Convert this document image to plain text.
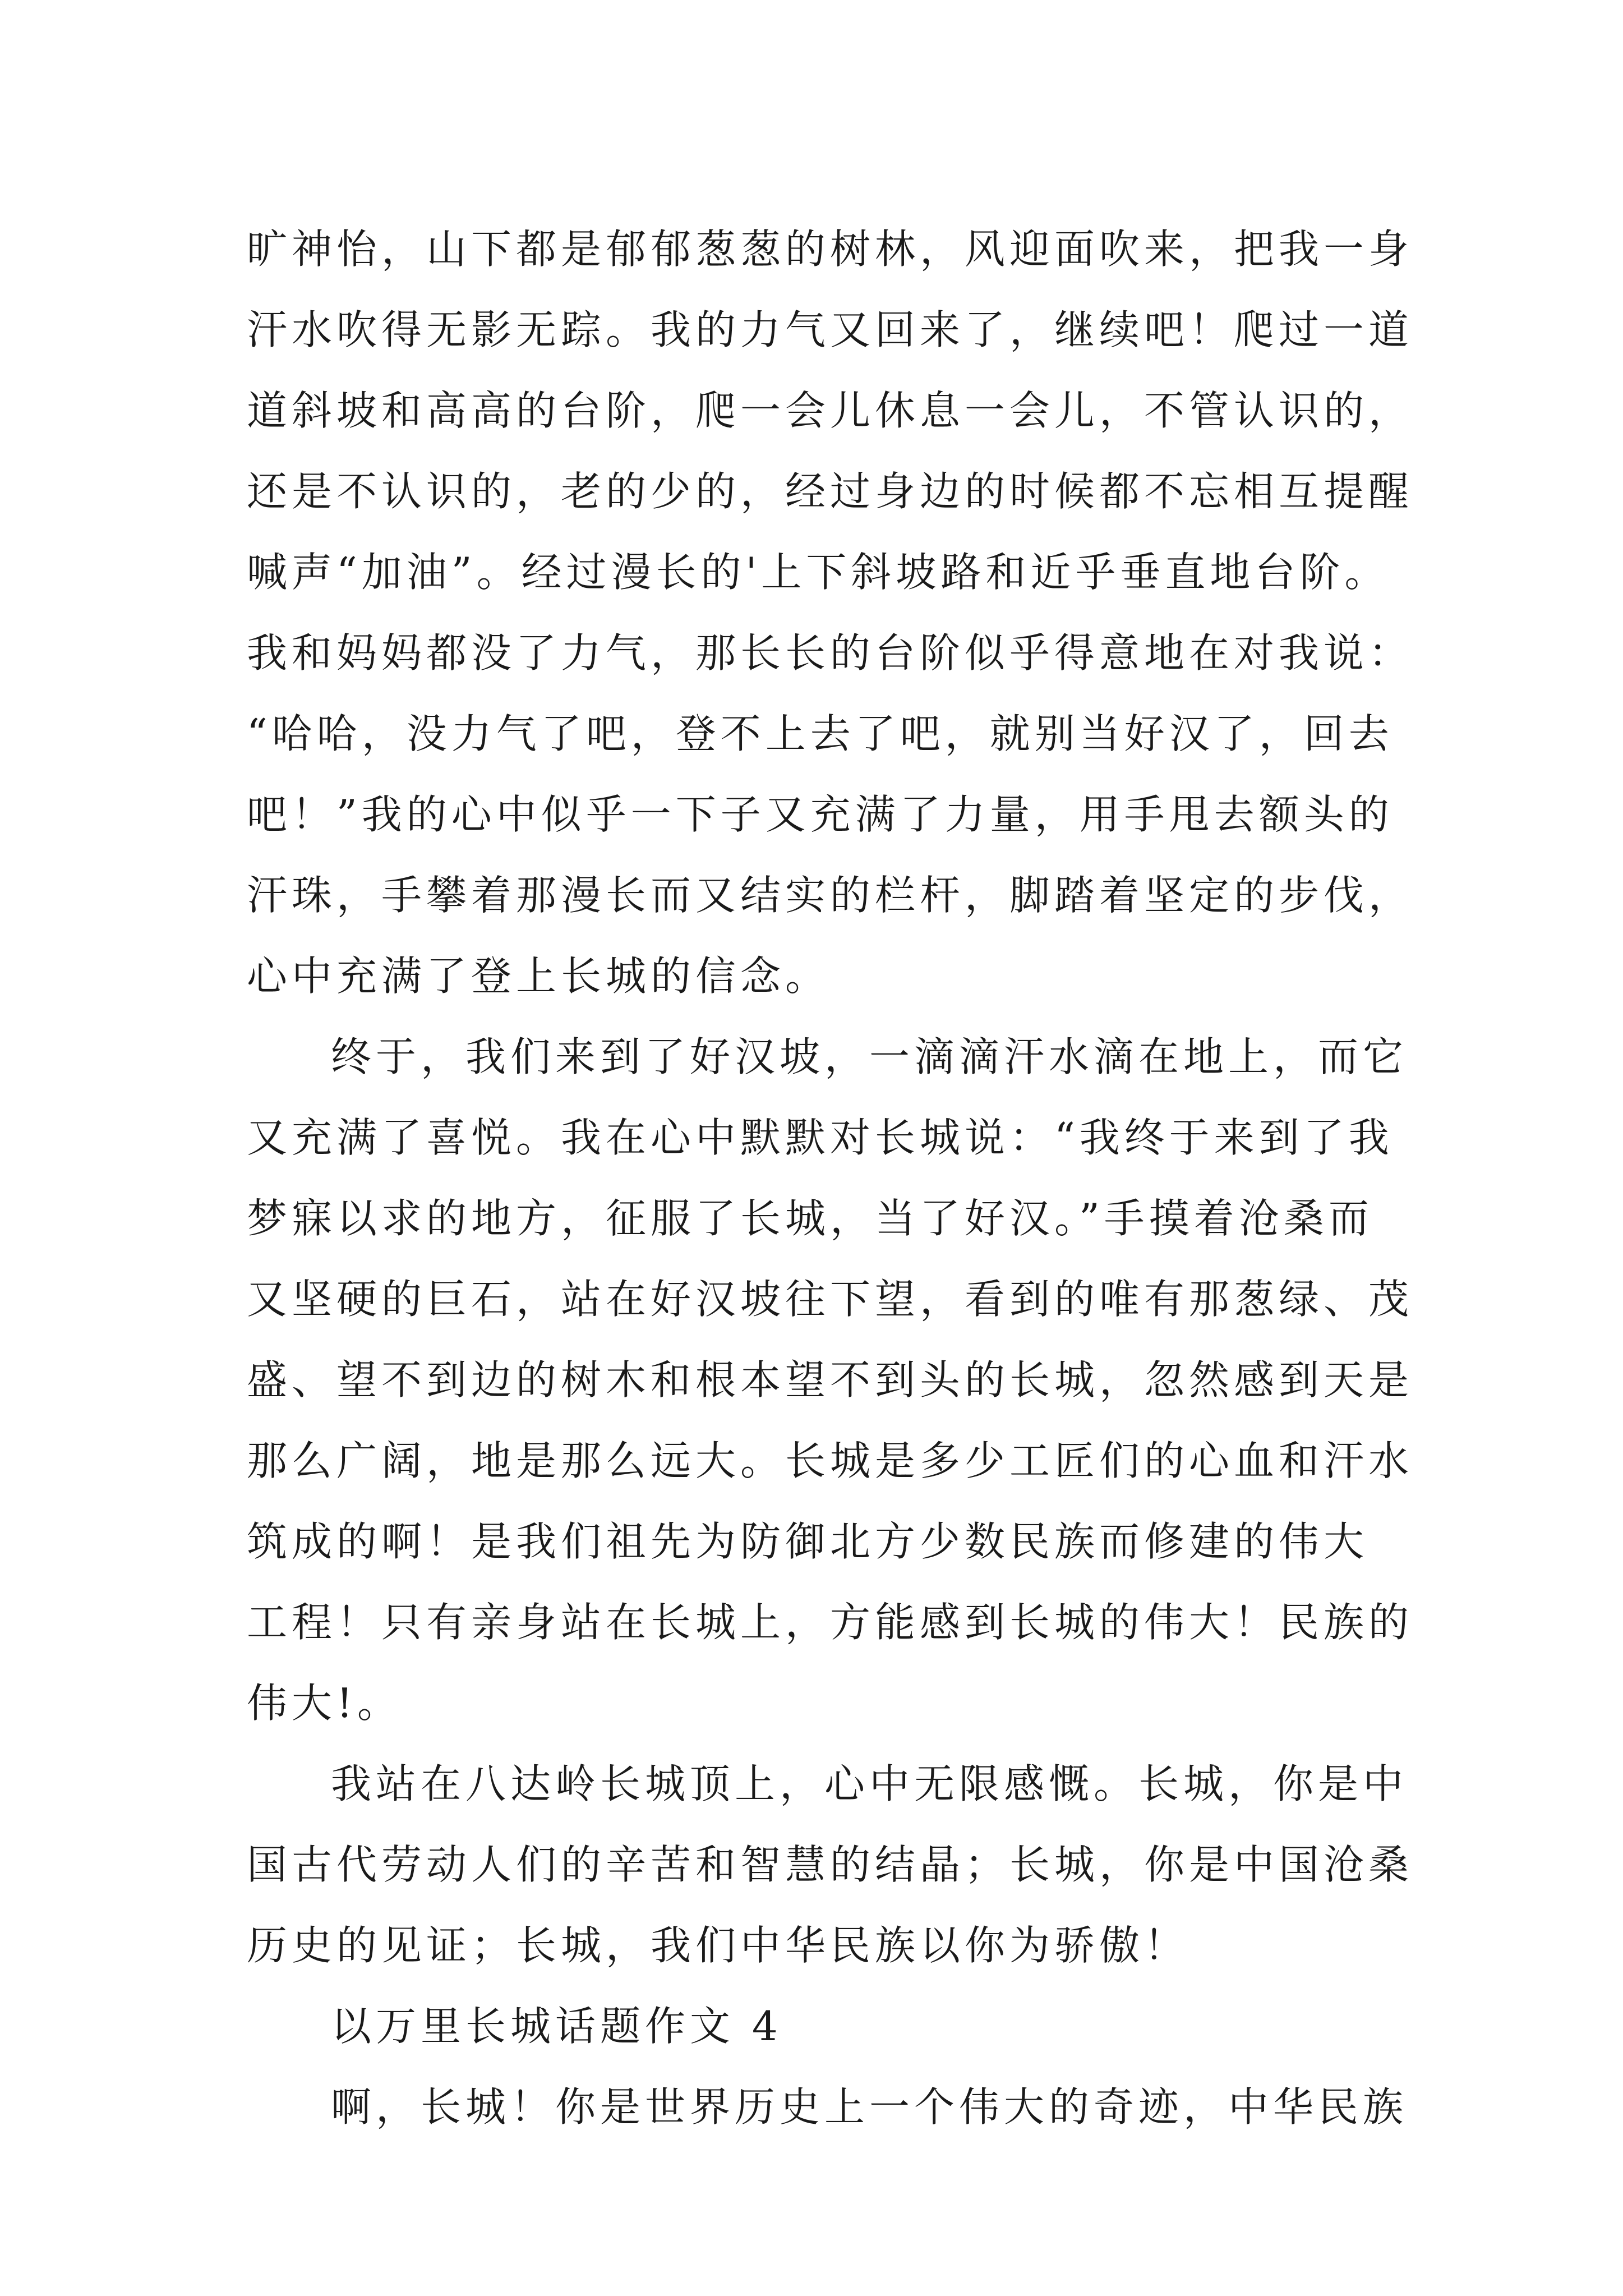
旷神怡，山下都是郁郁葱葱的树林，风迎面吹来，把我一身
汗水吹得无影无踪。我的力气又回来了，继续吧！爬过一道
道斜坡和高高的台阶，爬一会儿休息一会儿，不管认识的，
还是不认识的，老的少的，经过身边的时候都不忘相互提醒
喊声“加油”。经过漫长的'上下斜坡路和近乎垂直地台阶。
我和妈妈都没了力气，那长长的台阶似乎得意地在对我说：
“哈哈，没力气了吧，登不上去了吧，就别当好汉了，回去
吧！”我的心中似乎一下子又充满了力量，用手甩去额头的
汗珠，手攀着那漫长而又结实的栏杆，脚踏着坚定的步伐，
心中充满了登上长城的信念。
终于，我们来到了好汉坡，一滴滴汗水滴在地上，而它
又充满了喜悦。我在心中默默对长城说：“我终于来到了我
梦寐以求的地方，征服了长城，当了好汉。”手摸着沧桑而
又坚硬的巨石，站在好汉坡往下望，看到的唯有那葱绿、茂
盛、望不到边的树木和根本望不到头的长城，忽然感到天是
那么广阔，地是那么远大。长城是多少工匠们的心血和汗水
筑成的啊！是我们祖先为防御北方少数民族而修建的伟大
工程！只有亲身站在长城上，方能感到长城的伟大！民族的
伟大!。
我站在八达岭长城顶上，心中无限感慨。长城，你是中
国古代劳动人们的辛苦和智慧的结晶；长城，你是中国沧桑
历史的见证；长城，我们中华民族以你为骄傲！
以万里长城话题作文 4
啊，长城！你是世界历史上一个伟大的奇迹，中华民族
